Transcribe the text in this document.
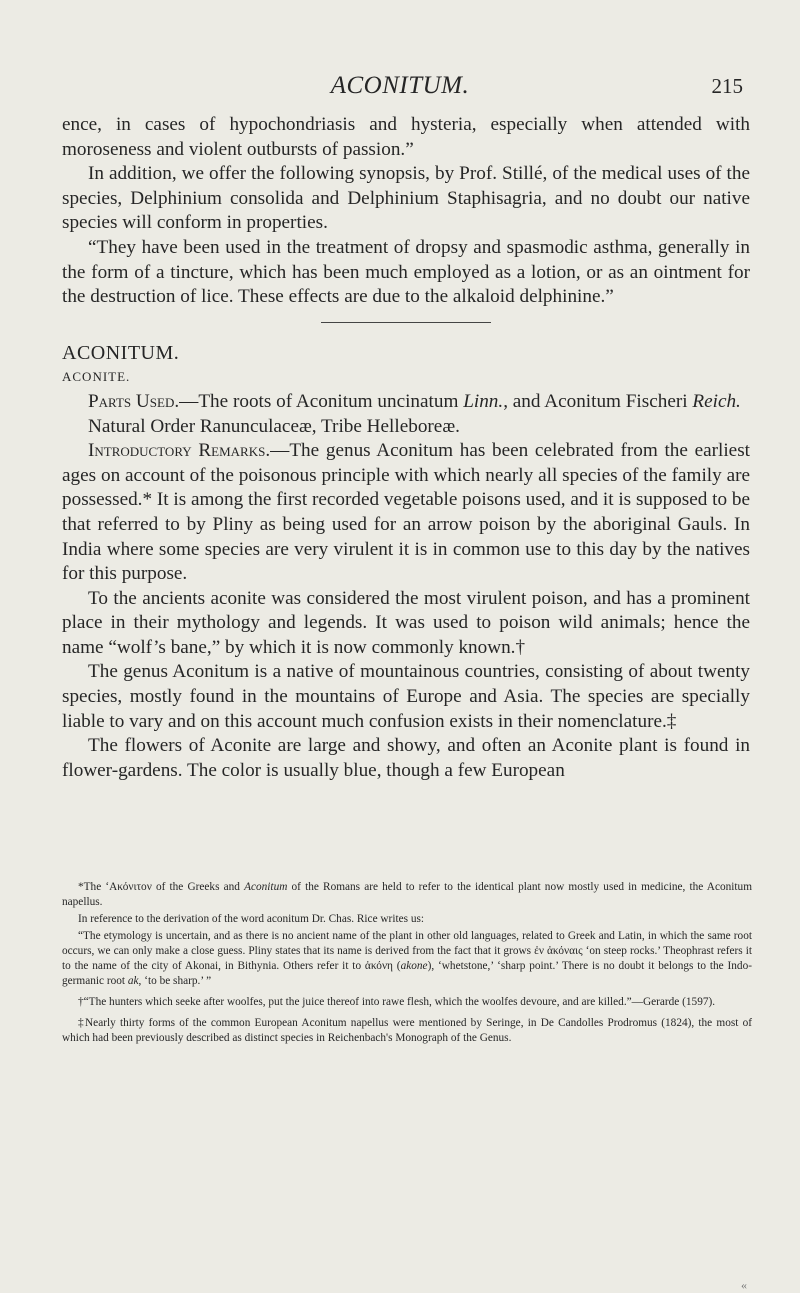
ACONITUM.	215

ence, in cases of hypochondriasis and hysteria, especially when attended with moroseness and violent outbursts of passion.”

In addition, we offer the following synopsis, by Prof. Stillé, of the medical uses of the species, Delphinium consolida and Delphinium Staphisagria, and no doubt our native species will conform in properties.

“They have been used in the treatment of dropsy and spasmodic asthma, generally in the form of a tincture, which has been much employed as a lotion, or as an ointment for the destruction of lice. These effects are due to the alkaloid delphinine.”

ACONITUM.

ACONITE.

Parts Used.—The roots of Aconitum uncinatum Linn., and Aconitum Fischeri Reich.

Natural Order Ranunculaceæ, Tribe Helleboreæ.

Introductory Remarks.—The genus Aconitum has been celebrated from the earliest ages on account of the poisonous principle with which nearly all species of the family are possessed.* It is among the first recorded vegetable poisons used, and it is supposed to be that referred to by Pliny as being used for an arrow poison by the aboriginal Gauls. In India where some species are very virulent it is in common use to this day by the natives for this purpose.

To the ancients aconite was considered the most virulent poison, and has a prominent place in their mythology and legends. It was used to poison wild animals; hence the name “wolf’s bane,” by which it is now commonly known.†

The genus Aconitum is a native of mountainous countries, consisting of about twenty species, mostly found in the mountains of Europe and Asia. The species are specially liable to vary and on this account much confusion exists in their nomenclature.‡

The flowers of Aconite are large and showy, and often an Aconite plant is found in flower-gardens. The color is usually blue, though a few European

*The ‘Ακόνιτον of the Greeks and Aconitum of the Romans are held to refer to the identical plant now mostly used in medicine, the Aconitum napellus.

In reference to the derivation of the word aconitum Dr. Chas. Rice writes us:

“The etymology is uncertain, and as there is no ancient name of the plant in other old languages, related to Greek and Latin, in which the same root occurs, we can only make a close guess. Pliny states that its name is derived from the fact that it grows ἐν ἀκόναις ‘on steep rocks.’ Theophrast refers it to the name of the city of Akonai, in Bithynia. Others refer it to ἀκόνη (akone), ‘whetstone,’ ‘sharp point.’ There is no doubt it belongs to the Indo-germanic root ak, ‘to be sharp.’ ”

†“The hunters which seeke after woolfes, put the juice thereof into rawe flesh, which the woolfes devoure, and are killed.”—Gerarde (1597).

‡Nearly thirty forms of the common European Aconitum napellus were mentioned by Seringe, in De Candolles Prodromus (1824), the most of which had been previously described as distinct species in Reichenbach's Monograph of the Genus.

«
